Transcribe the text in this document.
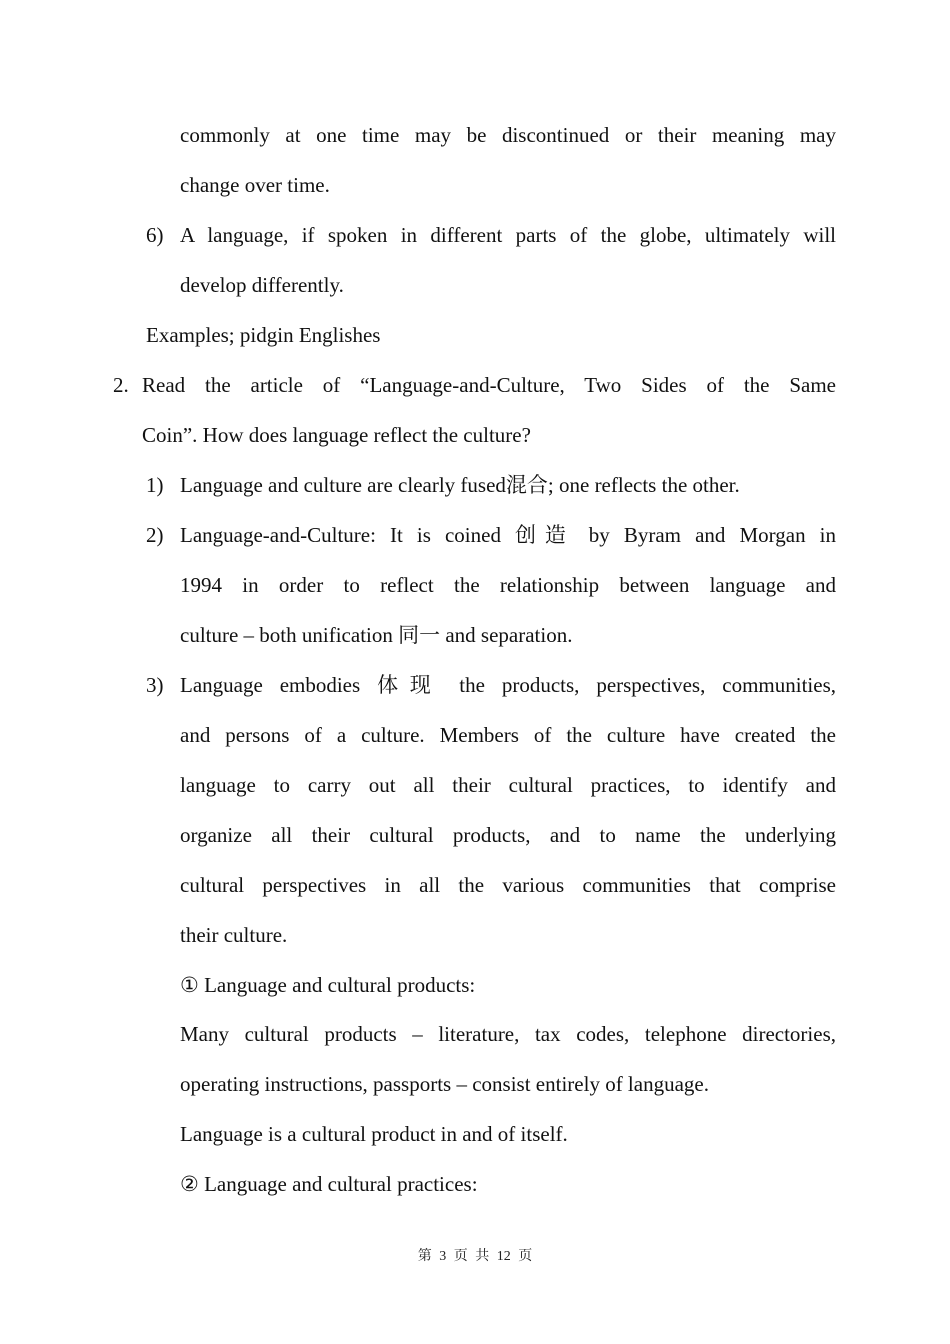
commonly at one time may be discontinued or their meaning may
change over time.
6) A language, if spoken in different parts of the globe, ultimately will
develop differently.
Examples; pidgin Englishes
2. Read the article of “Language-and-Culture, Two Sides of the Same
Coin”. How does language reflect the culture?
1) Language and culture are clearly fused混合; one reflects the other.
2) Language-and-Culture: It is coined 创造 by Byram and Morgan in
1994 in order to reflect the relationship between language and
culture – both unification 同一 and separation.
3) Language embodies 体现 the products, perspectives, communities,
and persons of a culture. Members of the culture have created the
language to carry out all their cultural practices, to identify and
organize all their cultural products, and to name the underlying
cultural perspectives in all the various communities that comprise
their culture.
① Language and cultural products:
Many cultural products – literature, tax codes, telephone directories,
operating instructions, passports – consist entirely of language.
Language is a cultural product in and of itself.
② Language and cultural practices:
第 3 页 共 12 页
